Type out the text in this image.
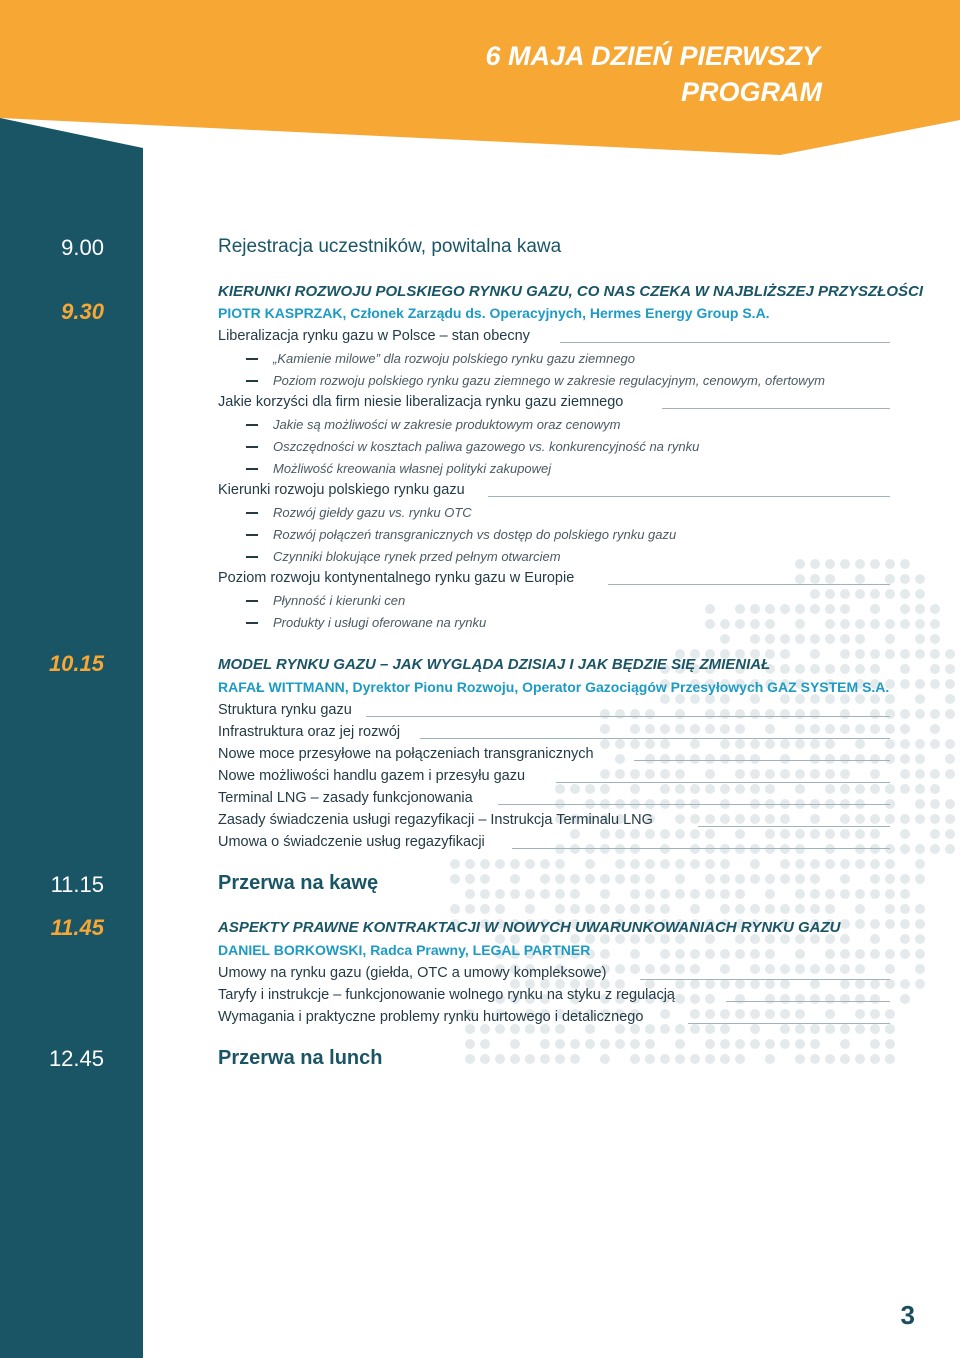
6 MAJA DZIEŃ PIERWSZY
PROGRAM
9.00
9.30
10.15
11.15
11.45
12.45
Rejestracja uczestników, powitalna kawa
KIERUNKI ROZWOJU POLSKIEGO RYNKU GAZU, CO NAS CZEKA W NAJBLIŻSZEJ PRZYSZŁOŚCI
PIOTR KASPRZAK, Członek Zarządu ds. Operacyjnych, Hermes Energy Group S.A.
Liberalizacja rynku gazu w Polsce – stan obecny
„Kamienie milowe” dla rozwoju polskiego rynku gazu ziemnego
Poziom rozwoju polskiego rynku gazu ziemnego w zakresie regulacyjnym, cenowym, ofertowym
Jakie korzyści dla firm niesie liberalizacja rynku gazu ziemnego
Jakie są możliwości w zakresie produktowym oraz cenowym
Oszczędności w kosztach paliwa gazowego vs. konkurencyjność na rynku
Możliwość kreowania własnej polityki zakupowej
Kierunki rozwoju polskiego rynku gazu
Rozwój giełdy gazu vs. rynku OTC
Rozwój połączeń transgranicznych vs dostęp do polskiego rynku gazu
Czynniki blokujące rynek przed pełnym otwarciem
Poziom rozwoju kontynentalnego rynku gazu w Europie
Płynność i kierunki cen
Produkty i usługi oferowane na rynku
MODEL RYNKU GAZU – JAK WYGLĄDA DZISIAJ I JAK BĘDZIE SIĘ ZMIENIAŁ
RAFAŁ WITTMANN, Dyrektor Pionu Rozwoju, Operator Gazociągów Przesyłowych GAZ SYSTEM S.A.
Struktura rynku gazu
Infrastruktura oraz jej rozwój
Nowe moce przesyłowe na połączeniach transgranicznych
Nowe możliwości handlu gazem i przesyłu gazu
Terminal LNG – zasady funkcjonowania
Zasady świadczenia usługi regazyfikacji – Instrukcja Terminalu LNG
Umowa o świadczenie usług regazyfikacji
Przerwa na kawę
ASPEKTY PRAWNE KONTRAKTACJI W NOWYCH UWARUNKOWANIACH RYNKU GAZU
DANIEL BORKOWSKI, Radca Prawny, LEGAL PARTNER
Umowy na rynku gazu (giełda, OTC a umowy kompleksowe)
Taryfy i instrukcje – funkcjonowanie wolnego rynku na styku z regulacją
Wymagania i praktyczne problemy rynku hurtowego i detalicznego
Przerwa na lunch
3
